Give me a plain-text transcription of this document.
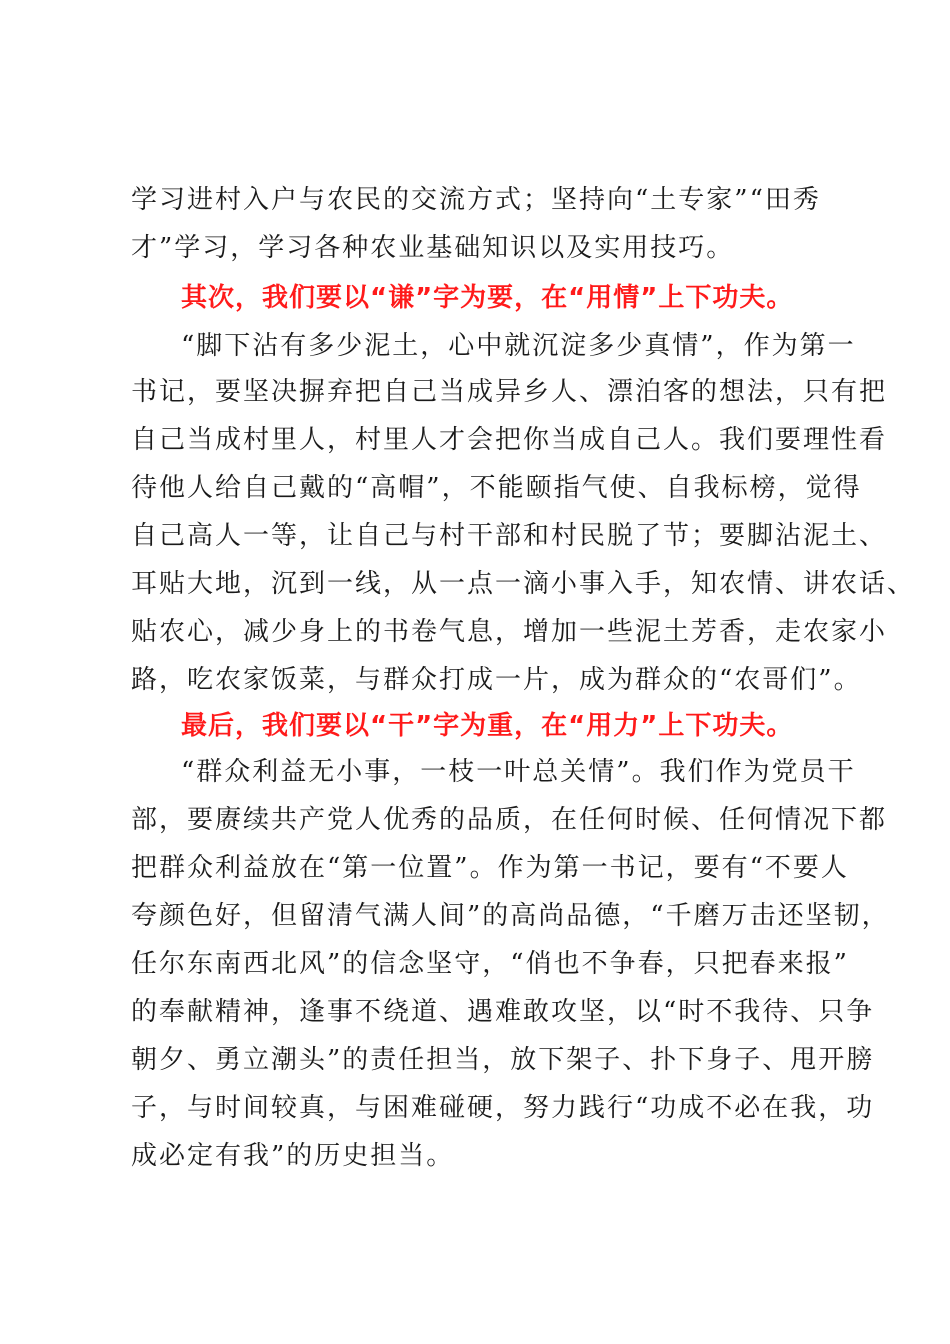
学习进村入户与农民的交流方式；坚持向“土专家”“田秀
才”学习，学习各种农业基础知识以及实用技巧。
其次，我们要以“谦”字为要，在“用情”上下功夫。
“脚下沾有多少泥土，心中就沉淀多少真情”，作为第一
书记，要坚决摒弃把自己当成异乡人、漂泊客的想法，只有把
自己当成村里人，村里人才会把你当成自己人。我们要理性看
待他人给自己戴的“高帽”，不能颐指气使、自我标榜，觉得
自己高人一等，让自己与村干部和村民脱了节；要脚沾泥土、
耳贴大地，沉到一线，从一点一滴小事入手，知农情、讲农话、
贴农心，减少身上的书卷气息，增加一些泥土芳香，走农家小
路，吃农家饭菜，与群众打成一片，成为群众的“农哥们”。
最后，我们要以“干”字为重，在“用力”上下功夫。
“群众利益无小事，一枝一叶总关情”。我们作为党员干
部，要赓续共产党人优秀的品质，在任何时候、任何情况下都
把群众利益放在“第一位置”。作为第一书记，要有“不要人
夸颜色好，但留清气满人间”的高尚品德，“千磨万击还坚韧，
任尔东南西北风”的信念坚守，“俏也不争春，只把春来报”
的奉献精神，逢事不绕道、遇难敢攻坚，以“时不我待、只争
朝夕、勇立潮头”的责任担当，放下架子、扑下身子、甩开膀
子，与时间较真，与困难碰硬，努力践行“功成不必在我，功
成必定有我”的历史担当。
